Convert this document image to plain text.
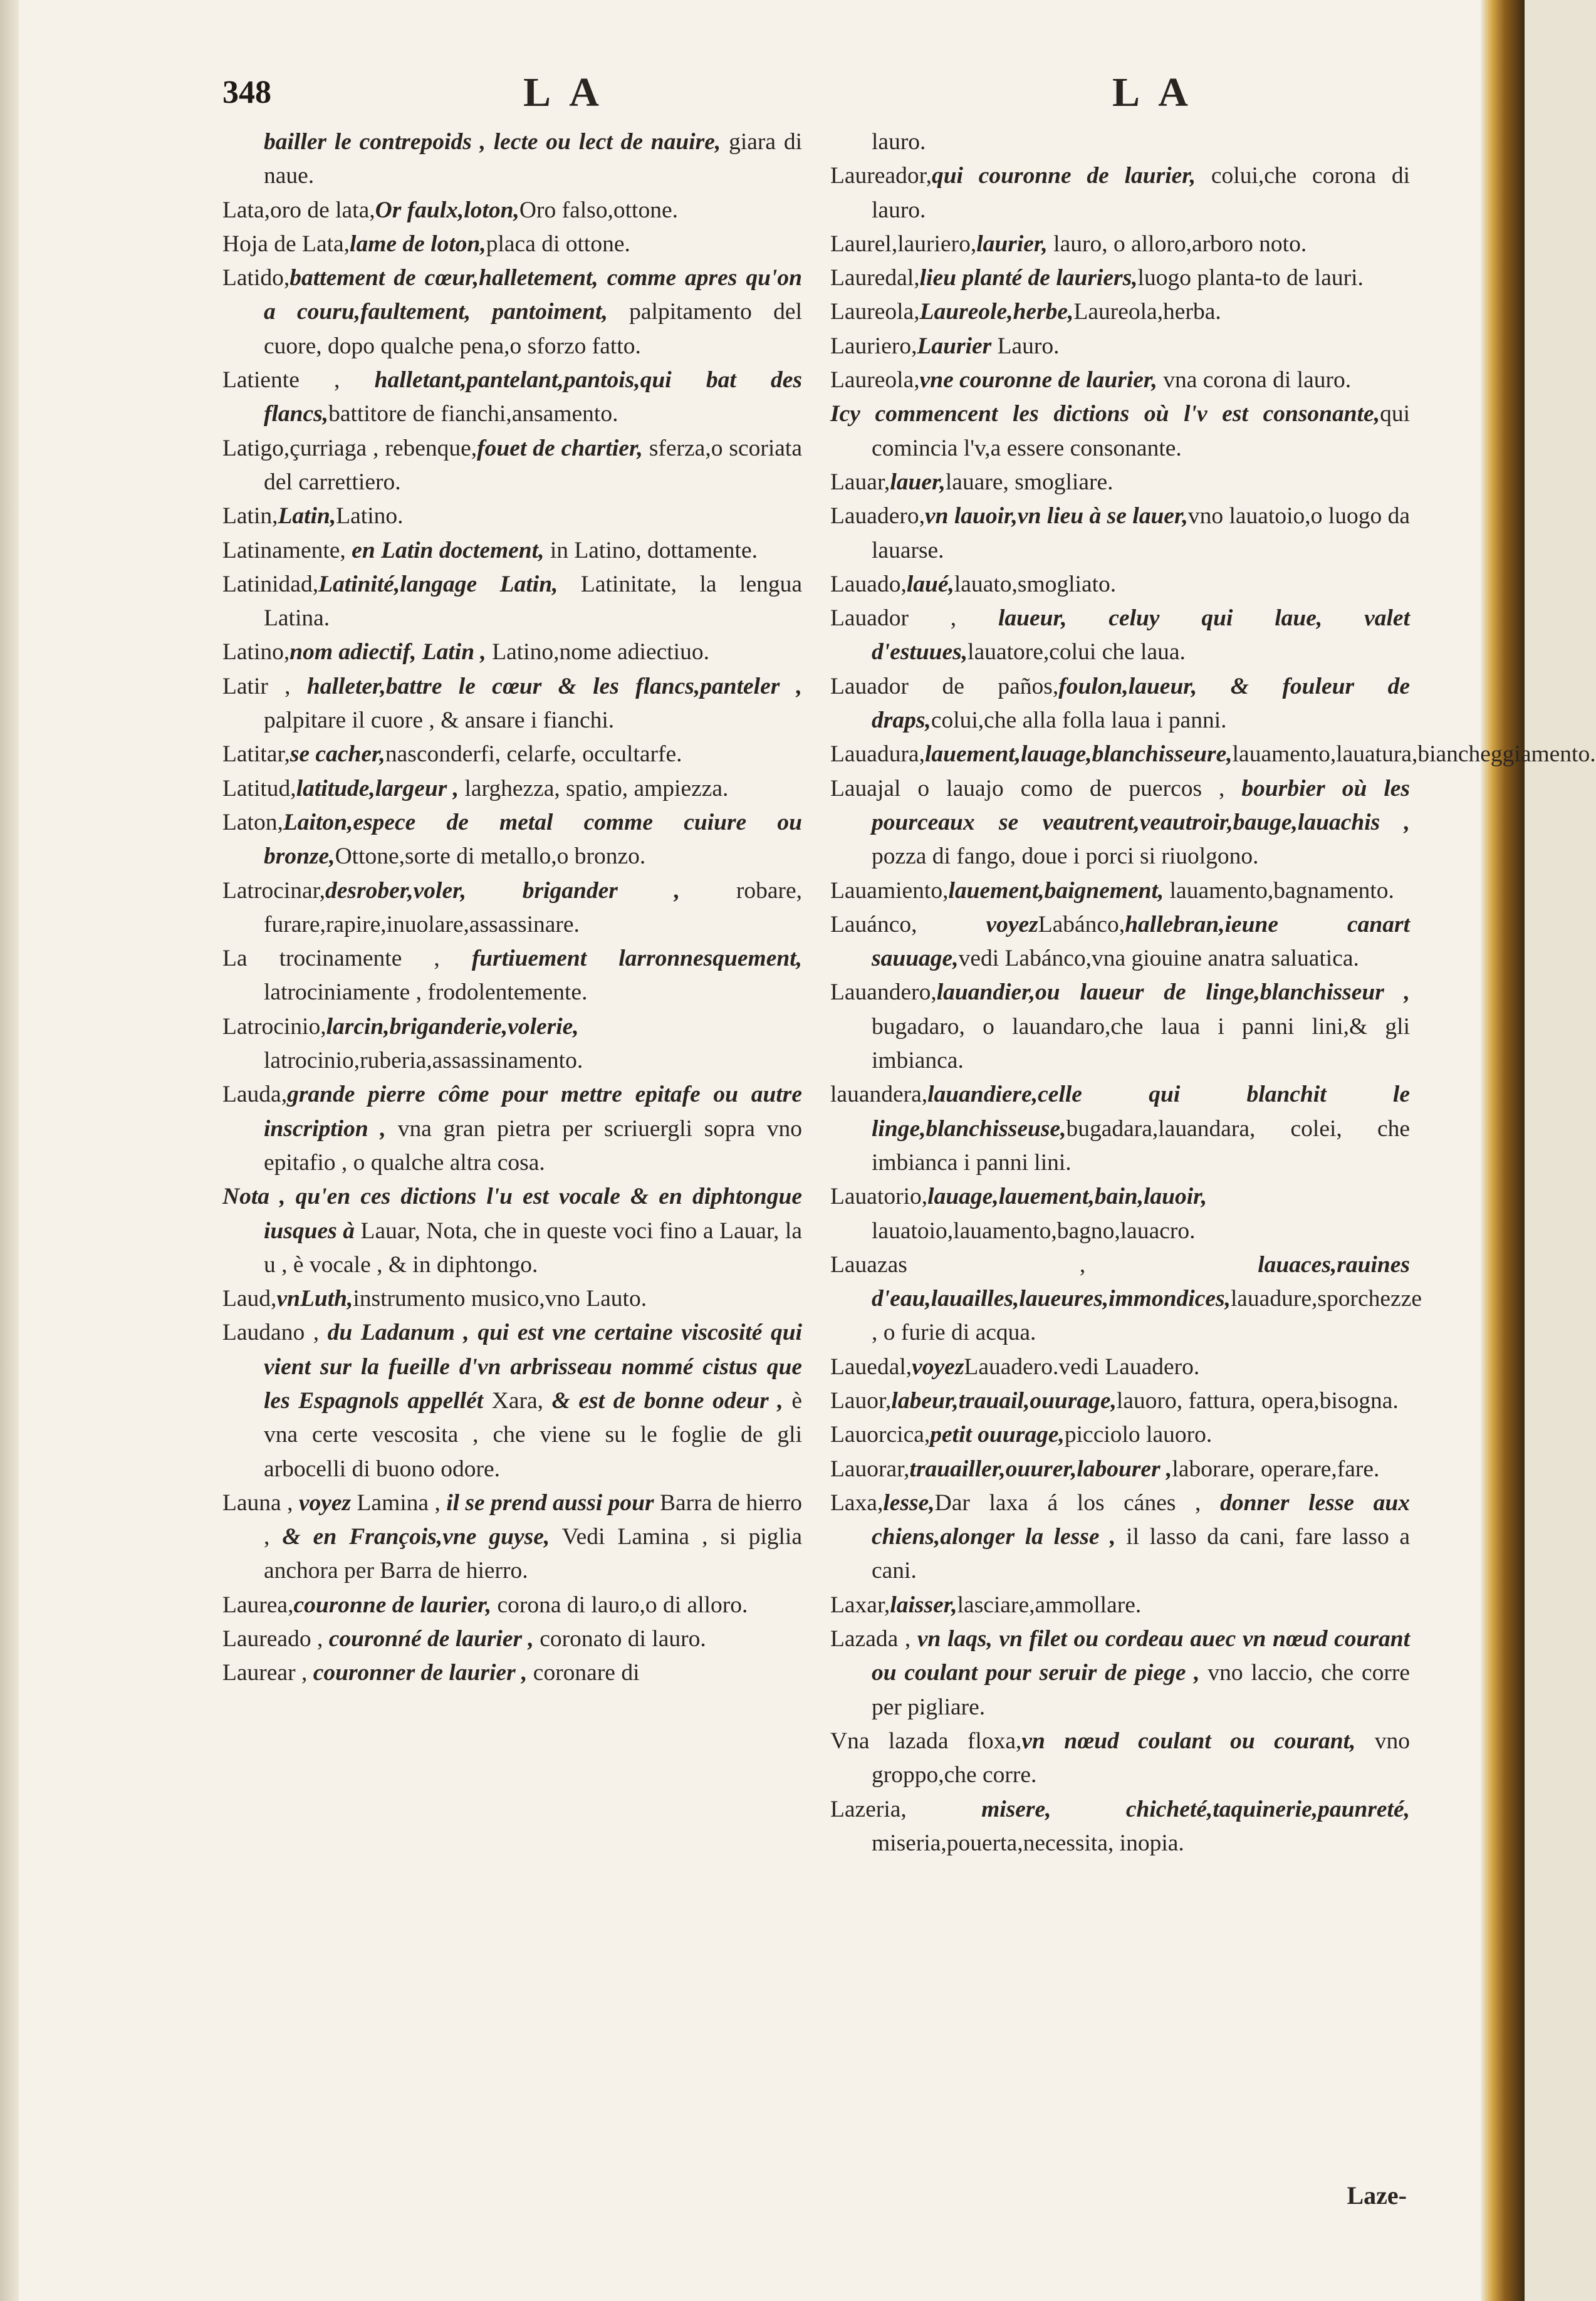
348	L A	L A

bailler le contrepoids , lecte ou lect de nauire, giara di naue.

Lata,oro de lata,Or faulx,loton,Oro falso,ottone.

Hoja de Lata,lame de loton,placa di ottone.

Latido,battement de cœur,halletement, comme apres qu'on a couru,faultement, pantoiment, palpitamento del cuore, dopo qualche pena,o sforzo fatto.

Latiente , halletant,pantelant,pantois,qui bat des flancs,battitore de fianchi,ansamento.

Latigo,çurriaga , rebenque,fouet de chartier, sferza,o scoriata del carrettiero.

Latin,Latin,Latino.

Latinamente, en Latin doctement, in Latino, dottamente.

Latinidad,Latinité,langage Latin, Latinitate, la lengua Latina.

Latino,nom adiectif, Latin , Latino,nome adiectiuo.

Latir , halleter,battre le cœur & les flancs,panteler , palpitare il cuore , & ansare i fianchi.

Latitar,se cacher,nasconderfi, celarfe, occultarfe.

Latitud,latitude,largeur , larghezza, spatio, ampiezza.

Laton,Laiton,espece de metal comme cuiure ou bronze,Ottone,sorte di metallo,o bronzo.

Latrocinar,desrober,voler, brigander , robare, furare,rapire,inuolare,assassinare.

La trocinamente , furtiuement larronnesquement, latrociniamente , frodolentemente.

Latrocinio,larcin,briganderie,volerie, latrocinio,ruberia,assassinamento.

Lauda,grande pierre côme pour mettre epitafe ou autre inscription , vna gran pietra per scriuergli sopra vno epitafio , o qualche altra cosa.

Nota , qu'en ces dictions l'u est vocale & en diphtongue iusques à Lauar, Nota, che in queste voci fino a Lauar, la u , è vocale , & in diphtongo.

Laud,vnLuth,instrumento musico,vno Lauto.

Laudano , du Ladanum , qui est vne certaine viscosité qui vient sur la fueille d'vn arbrisseau nommé cistus que les Espagnols appellét Xara, & est de bonne odeur , è vna certe vescosita , che viene su le foglie de gli arbocelli di buono odore.

Launa , voyez Lamina , il se prend aussi pour Barra de hierro , & en François,vne guyse, Vedi Lamina , si piglia anchora per Barra de hierro.

Laurea,couronne de laurier, corona di lauro,o di alloro.

Laureado , couronné de laurier , coronato di lauro.

Laurear , couronner de laurier , coronare di

lauro.

Laureador,qui couronne de laurier, colui,che corona di lauro.

Laurel,lauriero,laurier, lauro, o alloro,arboro noto.

Lauredal,lieu planté de lauriers,luogo planta-to de lauri.

Laureola,Laureole,herbe,Laureola,herba.

Lauriero,Laurier Lauro.

Laureola,vne couronne de laurier, vna corona di lauro.

Icy commencent les dictions où l'v est consonante,qui comincia l'v,a essere consonante.

Lauar,lauer,lauare, smogliare.

Lauadero,vn lauoir,vn lieu à se lauer,vno lauatoio,o luogo da lauarse.

Lauado,laué,lauato,smogliato.

Lauador , laueur, celuy qui laue, valet d'estuues,lauatore,colui che laua.

Lauador de paños,foulon,laueur, & fouleur de draps,colui,che alla folla laua i panni.

Lauadura,lauement,lauage,blanchisseure,lauamento,lauatura,bianchеggiamento.

Lauajal o lauajo como de puercos , bourbier où les pourceaux se veautrent,veautroir,bauge,lauachis , pozza di fango, doue i porci si riuolgono.

Lauamiento,lauement,baignement, lauamento,bagnamento.

Lauánco, voyezLabánco,hallebran,ieune canart sauuage,vedi Labánco,vna giouine anatra saluatica.

Lauandero,lauandier,ou laueur de linge,blanchisseur , bugadaro, o lauandaro,che laua i panni lini,& gli imbianca.

lauandera,lauandiere,celle qui blanchit le linge,blanchisseuse,bugadara,lauandara, colei, che imbianca i panni lini.

Lauatorio,lauage,lauement,bain,lauoir, lauatoio,lauamento,bagno,lauacro.

Lauazas , lauaces,rauines d'eau,lauailles,laueures,immondices,lauadure,sporchezze , o furie di acqua.

Lauedal,voyezLauadero.vedi Lauadero.

Lauor,labeur,trauail,ouurage,lauoro, fattura, opera,bisogna.

Lauorcica,petit ouurage,picciolo lauoro.

Lauorar,trauailler,ouurer,labourer ,laborare, operare,fare.

Laxa,lesse,Dar laxa á los cánes , donner lesse aux chiens,alonger la lesse , il lasso da cani, fare lasso a cani.

Laxar,laisser,lasciare,ammollare.

Lazada , vn laqs, vn filet ou cordeau auec vn nœud courant ou coulant pour seruir de piege , vno laccio, che corre per pigliare.

Vna lazada floxa,vn nœud coulant ou courant, vno groppo,che corre.

Lazeria, misere, chicheté,taquinerie,paunreté, miseria,pouerta,necessita, inopia.

Laze-
